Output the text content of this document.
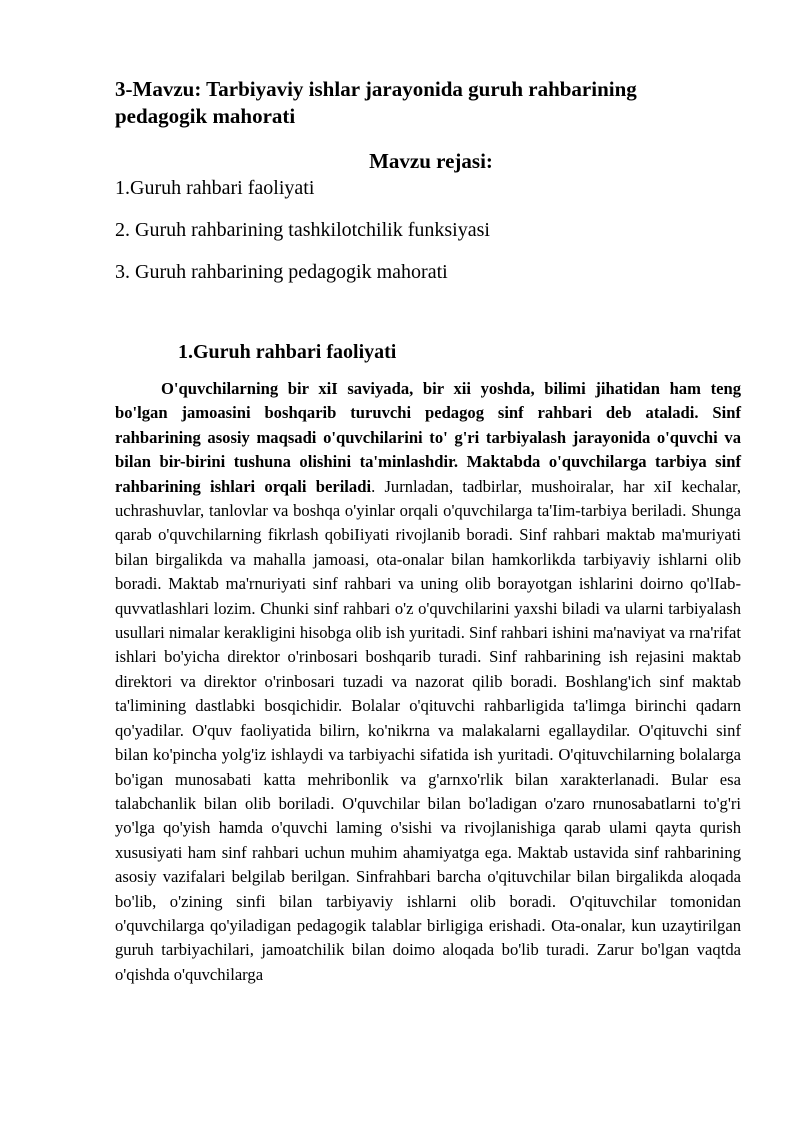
3-Mavzu: Tarbiyaviy ishlar jarayonida guruh rahbarining pedagogik mahorati
Mavzu rejasi:

1.Guruh rahbari faoliyati

2. Guruh rahbarining tashkilotchilik funksiyasi

3. Guruh rahbarining pedagogik mahorati

1.Guruh rahbari faoliyati

O'quvchilarning bir xiI saviyada, bir xii yoshda, bilimi jihatidan ham teng bo'lgan jamoasini boshqarib turuvchi pedagog sinf rahbari deb ataladi. Sinf rahbarining asosiy maqsadi o'quvchilarini to' g'ri tarbiyalash jarayonida o'quvchi va bilan bir-birini tushuna olishini ta'minlashdir. Maktabda o'quvchilarga tarbiya sinf rahbarining ishlari orqali beriladi. Jurnladan, tadbirlar, mushoiralar, har xiI kechalar, uchrashuvlar, tanlovlar va boshqa o'yinlar orqali o'quvchilarga ta'Iim-tarbiya beriladi. Shunga qarab o'quvchilarning fikrlash qobiIiyati rivojlanib boradi. Sinf rahbari maktab ma'muriyati bilan birgalikda va mahalla jamoasi, ota-onalar bilan hamkorlikda tarbiyaviy ishlarni olib boradi. Maktab ma'rnuriyati sinf rahbari va uning olib borayotgan ishlarini doirno qo'lIab-quvvatlashlari lozim. Chunki sinf rahbari o'z o'quvchilarini yaxshi biladi va ularni tarbiyalash usullari nimalar kerakligini hisobga olib ish yuritadi. Sinf rahbari ishini ma'naviyat va rna'rifat ishlari bo'yicha direktor o'rinbosari boshqarib turadi. Sinf rahbarining ish rejasini maktab direktori va direktor o'rinbosari tuzadi va nazorat qilib boradi. Boshlang'ich sinf maktab ta'limining dastlabki bosqichidir. Bolalar o'qituvchi rahbarligida ta'limga birinchi qadarn qo'yadilar. O'quv faoliyatida bilirn, ko'nikrna va malakalarni egallaydilar. O'qituvchi sinf bilan ko'pincha yolg'iz ishlaydi va tarbiyachi sifatida ish yuritadi. O'qituvchilarning bolalarga bo'igan munosabati katta mehribonlik va g'arnxo'rlik bilan xarakterlanadi. Bular esa talabchanlik bilan olib boriladi. O'quvchilar bilan bo'ladigan o'zaro rnunosabatlarni to'g'ri yo'lga qo'yish hamda o'quvchi laming o'sishi va rivojlanishiga qarab ulami qayta qurish xususiyati ham sinf rahbari uchun muhim ahamiyatga ega. Maktab ustavida sinf rahbarining asosiy vazifalari belgilab berilgan. Sinfrahbari barcha o'qituvchilar bilan birgalikda aloqada bo'lib, o'zining sinfi bilan tarbiyaviy ishlarni olib boradi. O'qituvchilar tomonidan o'quvchilarga qo'yiladigan pedagogik talablar birligiga erishadi. Ota-onalar, kun uzaytirilgan guruh tarbiyachilari, jamoatchilik bilan doimo aloqada bo'lib turadi. Zarur bo'lgan vaqtda o'qishda o'quvchilarga
